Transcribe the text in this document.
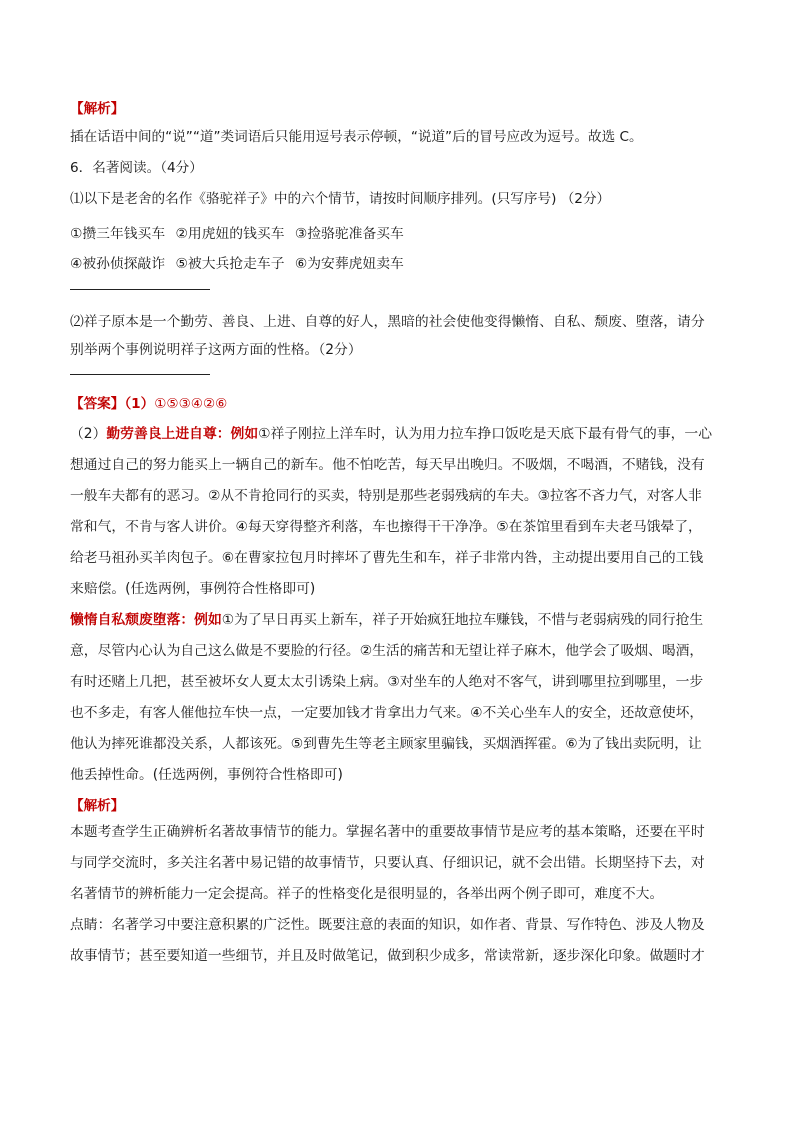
【解析】

插在话语中间的“说”“道”类词语后只能用逗号表示停顿，“说道”后的冒号应改为逗号。故选 C。

6．名著阅读。（4分）

⑴以下是老舍的名作《骆驼祥子》中的六个情节，请按时间顺序排列。(只写序号) （2分）

①攒三年钱买车 ②用虎妞的钱买车 ③捡骆驼准备买车
④被孙侦探敲诈 ⑤被大兵抢走车子 ⑥为安葬虎妞卖车

⑵祥子原本是一个勤劳、善良、上进、自尊的好人，黑暗的社会使他变得懒惰、自私、颓废、堕落，请分

别举两个事例说明祥子这两方面的性格。（2分）

【答案】（1）①⑤③④②⑥

（2）勤劳善良上进自尊：例如①祥子刚拉上洋车时，认为用力拉车挣口饭吃是天底下最有骨气的事，一心

想通过自己的努力能买上一辆自己的新车。他不怕吃苦，每天早出晚归。不吸烟，不喝酒，不赌钱，没有

一般车夫都有的恶习。②从不肯抢同行的买卖，特别是那些老弱残病的车夫。③拉客不吝力气，对客人非

常和气，不肯与客人讲价。④每天穿得整齐利落，车也擦得干干净净。⑤在茶馆里看到车夫老马饿晕了，

给老马祖孙买羊肉包子。⑥在曹家拉包月时摔坏了曹先生和车，祥子非常内咎，主动提出要用自己的工钱

来赔偿。(任选两例，事例符合性格即可)

懒惰自私颓废堕落：例如①为了早日再买上新车，祥子开始疯狂地拉车赚钱，不惜与老弱病残的同行抢生

意，尽管内心认为自己这么做是不要脸的行径。②生活的痛苦和无望让祥子麻木，他学会了吸烟、喝酒，

有时还赌上几把，甚至被坏女人夏太太引诱染上病。③对坐车的人绝对不客气，讲到哪里拉到哪里，一步

也不多走，有客人催他拉车快一点，一定要加钱才肯拿出力气来。④不关心坐车人的安全，还故意使坏，

他认为摔死谁都没关系，人都该死。⑤到曹先生等老主顾家里骗钱，买烟酒挥霍。⑥为了钱出卖阮明，让

他丢掉性命。(任选两例，事例符合性格即可)

【解析】

本题考查学生正确辨析名著故事情节的能力。掌握名著中的重要故事情节是应考的基本策略，还要在平时

与同学交流时，多关注名著中易记错的故事情节，只要认真、仔细识记，就不会出错。长期坚持下去，对

名著情节的辨析能力一定会提高。祥子的性格变化是很明显的，各举出两个例子即可，难度不大。

点睛：名著学习中要注意积累的广泛性。既要注意的表面的知识，如作者、背景、写作特色、涉及人物及

故事情节；甚至要知道一些细节，并且及时做笔记，做到积少成多，常读常新，逐步深化印象。做题时才
